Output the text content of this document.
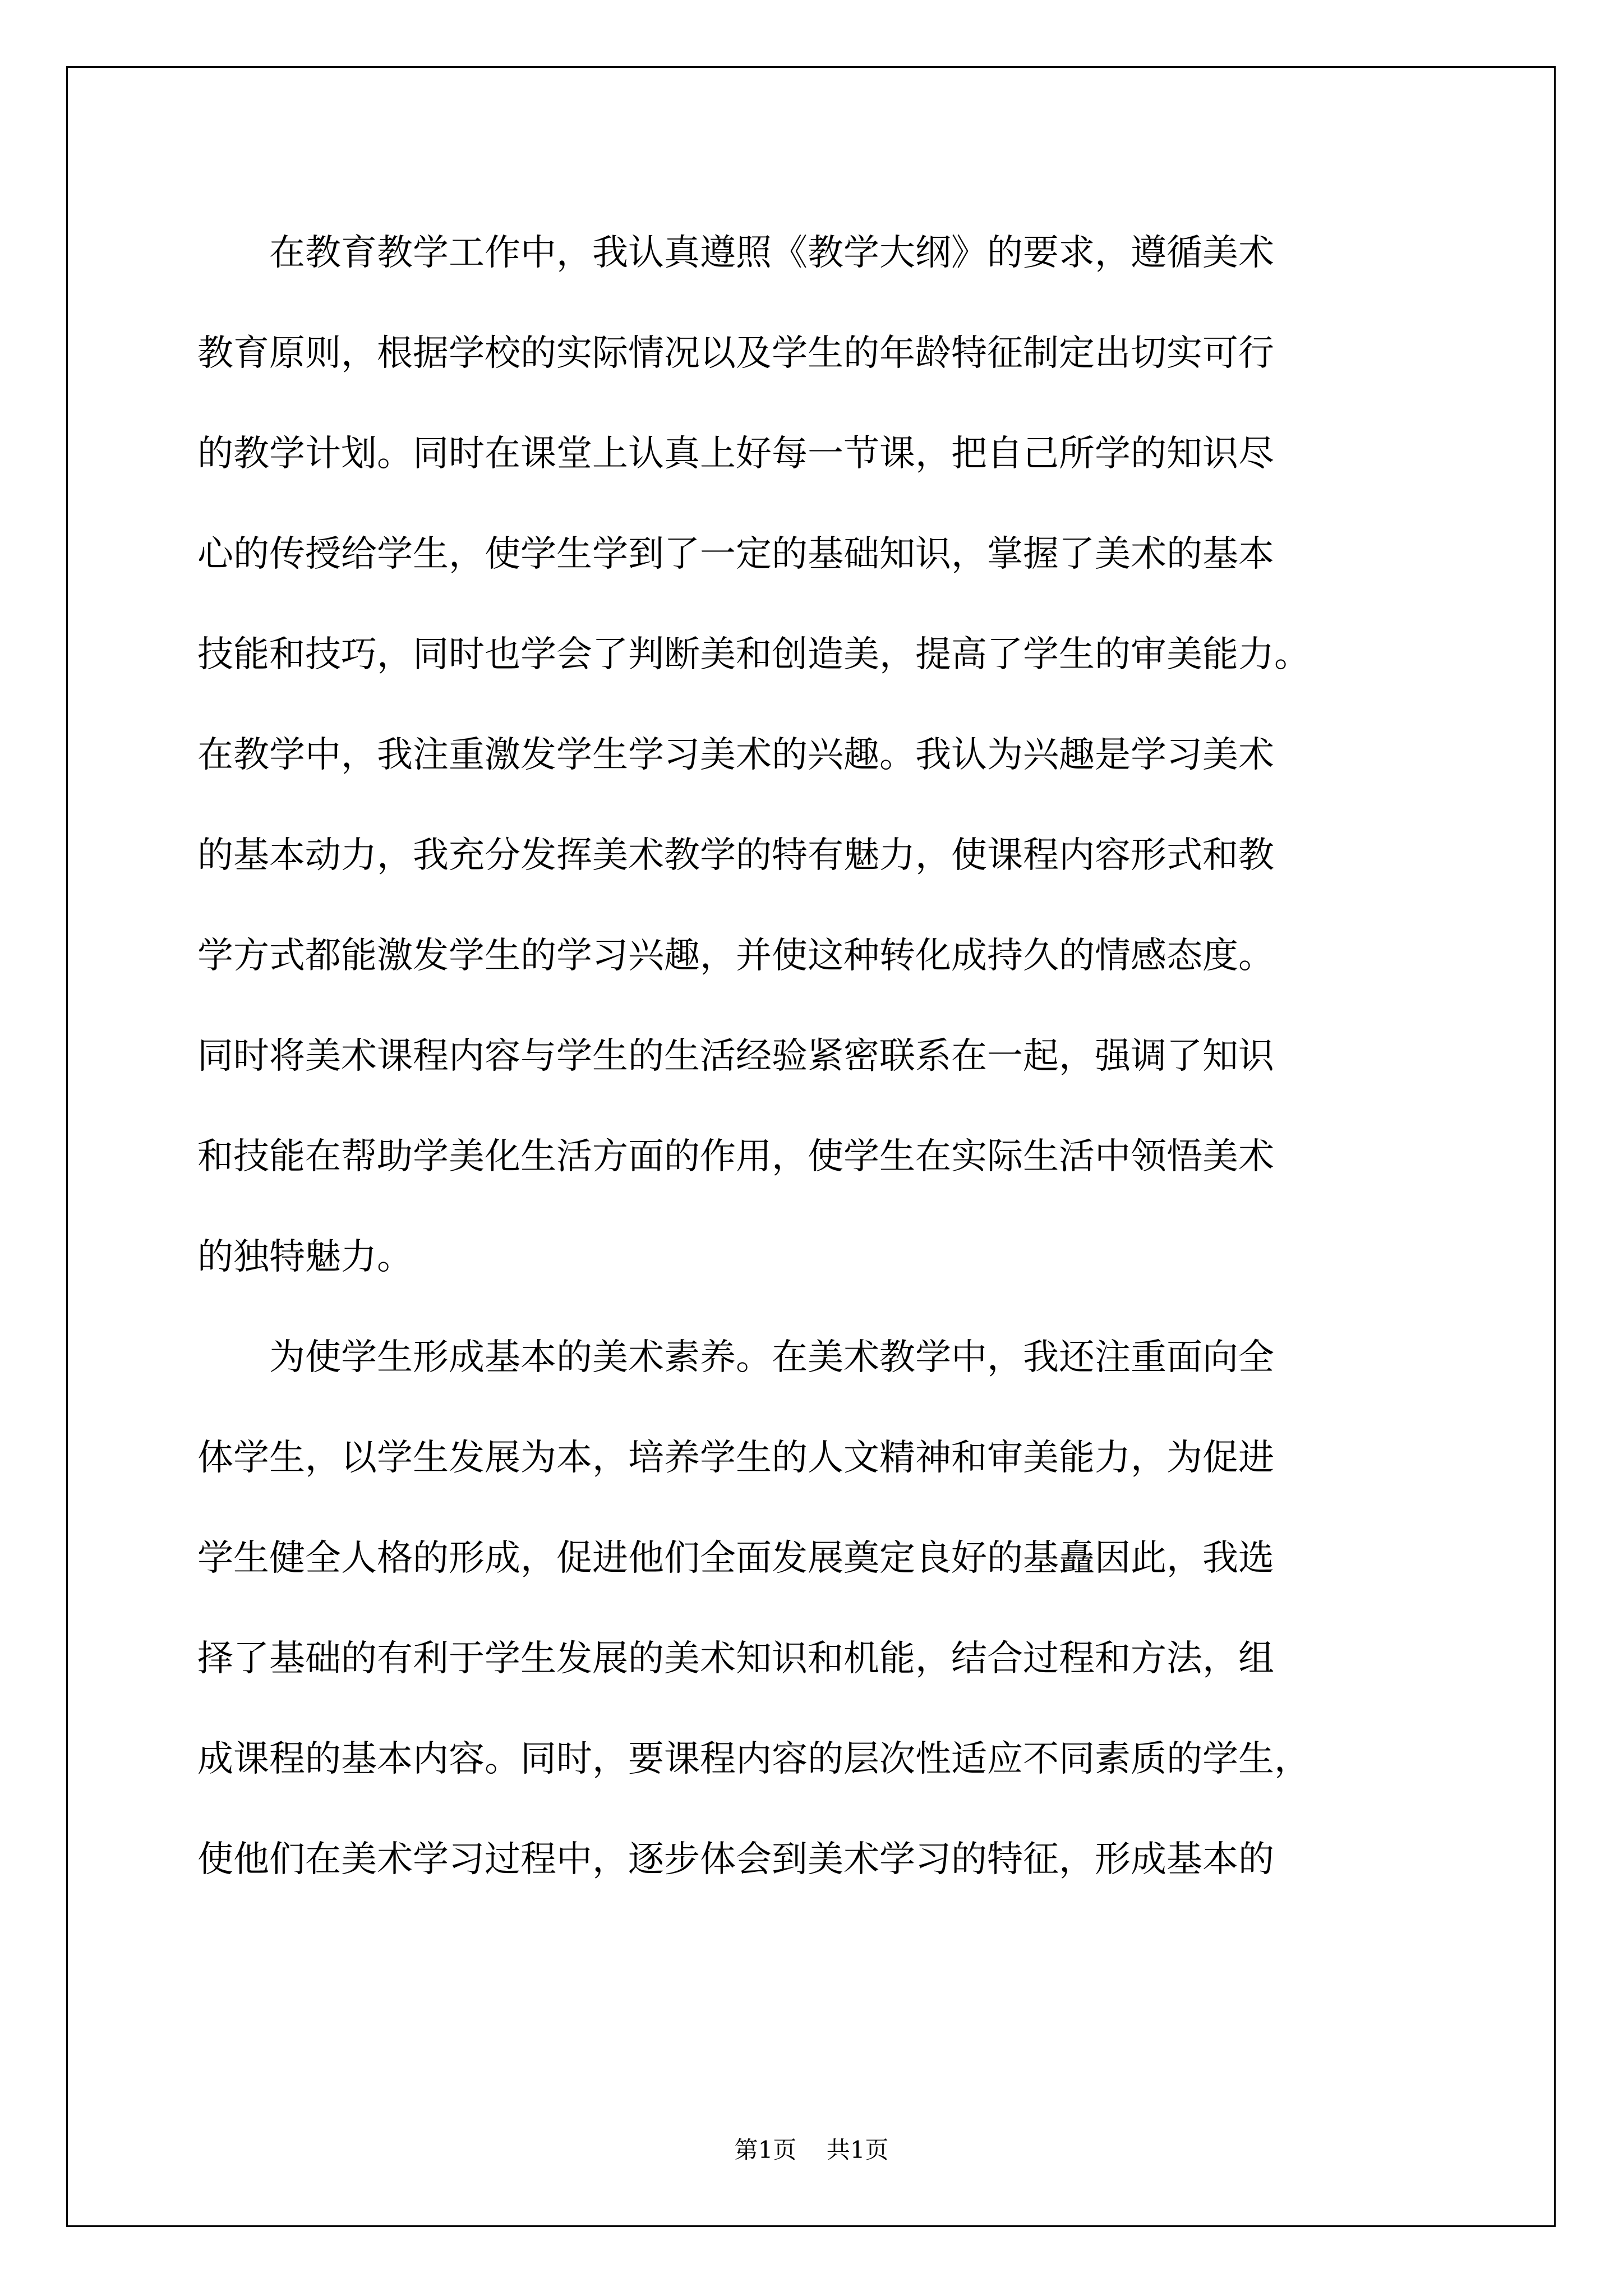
在教育教学工作中，我认真遵照《教学大纲》的要求，遵循美术
教育原则，根据学校的实际情况以及学生的年龄特征制定出切实可行
的教学计划。同时在课堂上认真上好每一节课，把自己所学的知识尽
心的传授给学生，使学生学到了一定的基础知识，掌握了美术的基本
技能和技巧，同时也学会了判断美和创造美，提高了学生的审美能力。
在教学中，我注重激发学生学习美术的兴趣。我认为兴趣是学习美术
的基本动力，我充分发挥美术教学的特有魅力，使课程内容形式和教
学方式都能激发学生的学习兴趣，并使这种转化成持久的情感态度。
同时将美术课程内容与学生的生活经验紧密联系在一起，强调了知识
和技能在帮助学美化生活方面的作用，使学生在实际生活中领悟美术
的独特魅力。
为使学生形成基本的美术素养。在美术教学中，我还注重面向全
体学生，以学生发展为本，培养学生的人文精神和审美能力，为促进
学生健全人格的形成，促进他们全面发展奠定良好的基矗因此，我选
择了基础的有利于学生发展的美术知识和机能，结合过程和方法，组
成课程的基本内容。同时，要课程内容的层次性适应不同素质的学生，
使他们在美术学习过程中，逐步体会到美术学习的特征，形成基本的
第1页 共1页
